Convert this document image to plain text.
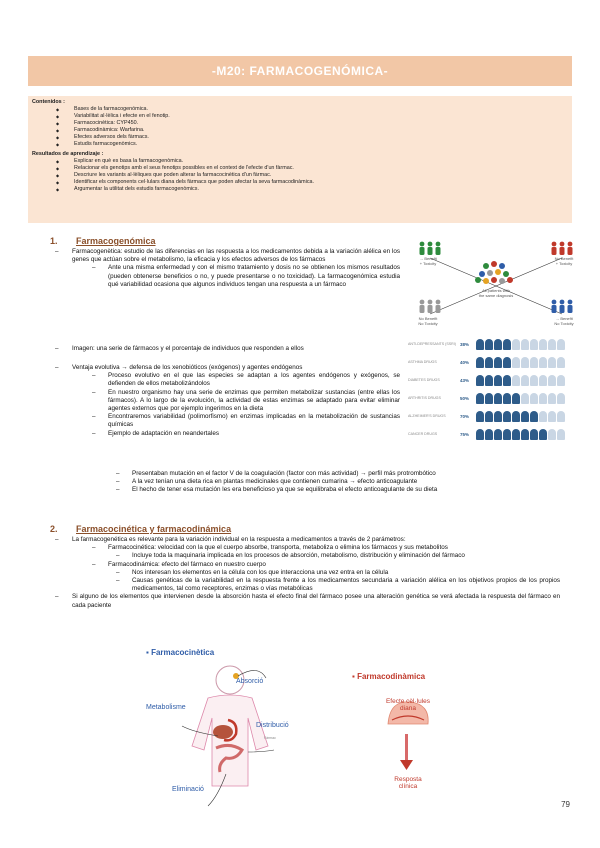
-M20: FARMACOGENÓMICA-
Contenidos :
◆ Bases de la farmacogenómica.
◆ Variabilitat al·lèlica i efecte en el fenotip.
◆ Farmacocinètica: CYP450.
◆ Farmacodinàmica: Warfarina.
◆ Efectes adversos dels fàrmacs.
◆ Estudis farmacogenòmics.
Resultados de aprendizaje :
◆ Explicar en què es basa la farmacogenòmica.
◆ Relacionar els genotips amb el seus fenotips possibles en el context de l'efecte d'un fàrmac.
◆ Descriure les variants al·lèliques que poden alterar la farmacocinètica d'un fàrmac.
◆ Identificar els components cel·lulars diana dels fàrmacs que poden afectar la seva farmacodinàmica.
◆ Argumentar la utilitat dels estudis farmacogenòmics.
1. Farmacogenómica
– Farmacogenètica: estudio de las diferencias en las respuesta a los medicamentos debida a la variación alélica en los genes que actúan sobre el metabolismo, la eficacia y los efectos adversos de los fármacos
– Ante una misma enfermedad y con el mismo tratamiento y dosis no se obtienen los mismos resultados (pueden obtenerse beneficios o no, y puede presentarse o no toxicidad). La farmacogenómica estudia qué variabilidad ocasiona que algunos individuos tengan una respuesta a un fármaco
– Imagen: una serie de fármacos y el porcentaje de individuos que responden a ellos
– Ventaja evolutiva → defensa de los xenobióticos (exógenos) y agentes endógenos
– Proceso evolutivo en el que las especies se adaptan a los agentes endógenos y exógenos, se defienden de ellos metabolizándolos
– En nuestro organismo hay una serie de enzimas que permiten metabolizar sustancias (entre ellas los fármacos). A lo largo de la evolución, la actividad de estas enzimas se adaptado para evitar eliminar agentes externos que por ejemplo ingerimos en la dieta
– Encontraremos variabilidad (polimorfismo) en enzimas implicadas en la metabolización de sustancias químicas
– Ejemplo de adaptación en neandertales
– Presentaban mutación en el factor V de la coagulación (factor con más actividad) → perfil más protrombótico
– A la vez tenían una dieta rica en plantas medicinales que contienen cumarina → efecto anticoagulante
– El hecho de tener esa mutación les era beneficioso ya que se equilibraba el efecto anticoagulante de su dieta
→ Benefit
+ Toxicity
No Benefit
+ Toxicity
No Benefit
No Toxicity
→ Benefit
No Toxicity
All patients with
the same diagnosis
ANTI-DEPRESSANTS (SSRI) 38%
ASTHMA DRUGS	40%
DIABETES DRUGS	43%
ARTHRITIS DRUGS	50%
ALZHEIMER'S DRUGS	70%
CANCER DRUGS	75%
2. Farmacocinética y farmacodinámica
– La farmacogenética es relevante para la variación individual en la respuesta a medicamentos a través de 2 parámetros:
– Farmacocinética: velocidad con la que el cuerpo absorbe, transporta, metaboliza o elimina los fármacos y sus metabolitos
– Incluye toda la maquinaria implicada en los procesos de absorción, metabolismo, distribución y eliminación del fármaco
– Farmacodinámica: efecto del fármaco en nuestro cuerpo
– Nos interesan los elementos en la célula con los que interacciona una vez entra en la célula
– Causas genéticas de la variabilidad en la respuesta frente a los medicamentos secundaria a variación alélica en los objetivos propios de los propios medicamentos, tal como receptores, enzimas o vías metabólicas
– Si alguno de los elementos que intervienen desde la absorción hasta el efecto final del fármaco posee una alteración genética se verá afectada la respuesta del fármaco en cada paciente
▪ Farmacocinètica
Absorció
Metabolisme
Distribució
Fàrmac
Eliminació
▪ Farmacodinàmica
Efecte cèl·lules
diana
Resposta
clínica
79
